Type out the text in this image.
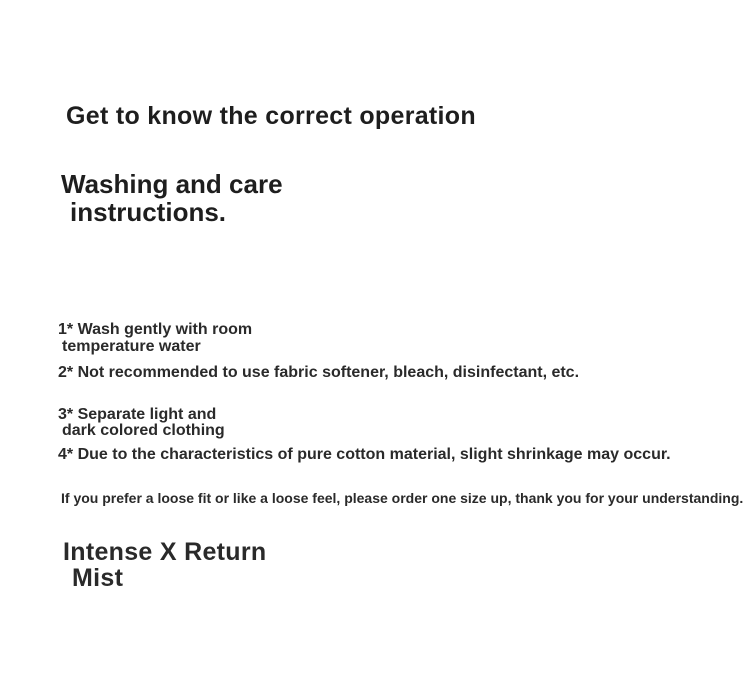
Get to know the correct operation
Washing and care
instructions.

1* Wash gently with room

temperature water

2* Not recommended to use fabric softener, bleach, disinfectant, etc.

3* Separate light and

dark colored clothing

4* Due to the characteristics of pure cotton material, slight shrinkage may occur.

If you prefer a loose fit or like a loose feel, please order one size up, thank you for your understanding.

Intense X Return
Mist
